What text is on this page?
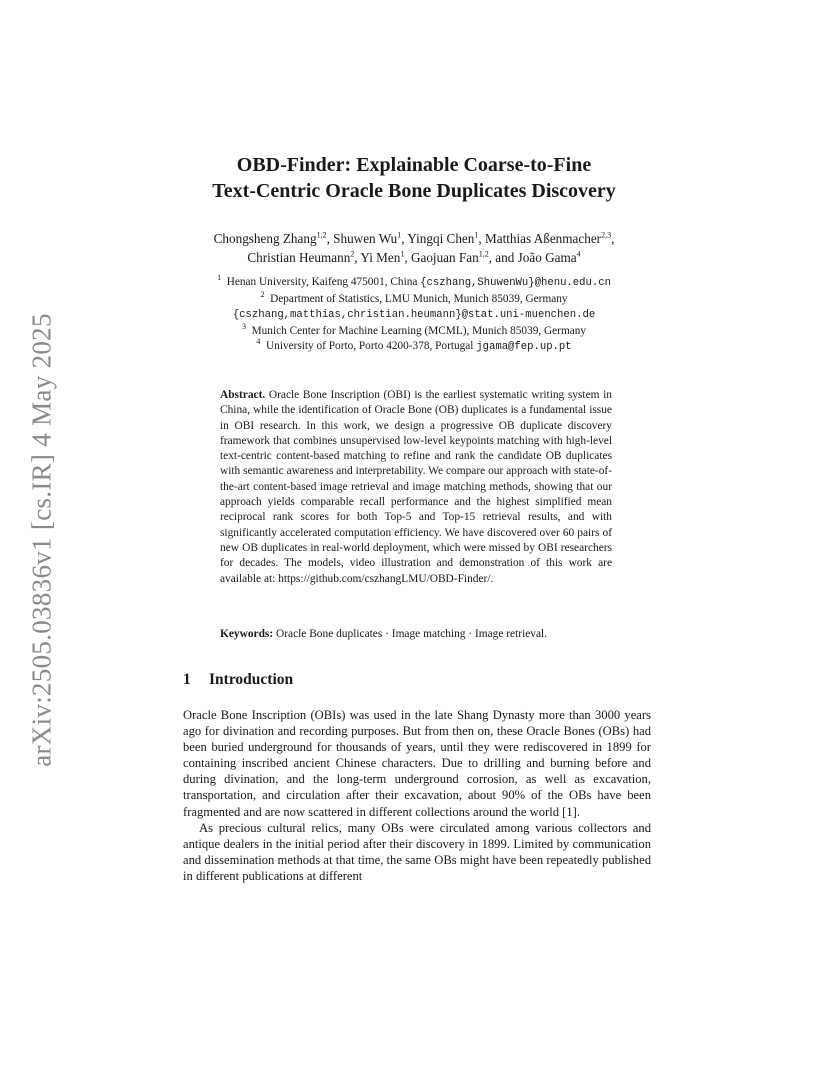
arXiv:2505.03836v1 [cs.IR] 4 May 2025
OBD-Finder: Explainable Coarse-to-Fine
Text-Centric Oracle Bone Duplicates Discovery
Chongsheng Zhang$^{1,2}$, Shuwen Wu$^1$, Yingqi Chen$^1$, Matthias Aßenmacher$^{2,3}$,
Christian Heumann$^2$, Yi Men$^1$, Gaojuan Fan$^{1,2}$, and João Gama$^4$
$^1$ Henan University, Kaifeng 475001, China {cszhang,ShuwenWu}@henu.edu.cn
$^2$ Department of Statistics, LMU Munich, Munich 85039, Germany
{cszhang,matthias,christian.heumann}@stat.uni-muenchen.de
$^3$ Munich Center for Machine Learning (MCML), Munich 85039, Germany
$^4$ University of Porto, Porto 4200-378, Portugal jgama@fep.up.pt
Abstract. Oracle Bone Inscription (OBI) is the earliest systematic writing system in China, while the identification of Oracle Bone (OB) duplicates is a fundamental issue in OBI research. In this work, we design a progressive OB duplicate discovery framework that combines unsupervised low-level keypoints matching with high-level text-centric content-based matching to refine and rank the candidate OB duplicates with semantic awareness and interpretability. We compare our approach with state-of-the-art content-based image retrieval and image matching methods, showing that our approach yields comparable recall performance and the highest simplified mean reciprocal rank scores for both Top-5 and Top-15 retrieval results, and with significantly accelerated computation efficiency. We have discovered over 60 pairs of new OB duplicates in real-world deployment, which were missed by OBI researchers for decades. The models, video illustration and demonstration of this work are available at: https://github.com/cszhangLMU/OBD-Finder/.
Keywords: Oracle Bone duplicates · Image matching · Image retrieval.
1 Introduction

Oracle Bone Inscription (OBIs) was used in the late Shang Dynasty more than 3000 years ago for divination and recording purposes. But from then on, these Oracle Bones (OBs) had been buried underground for thousands of years, until they were rediscovered in 1899 for containing inscribed ancient Chinese characters. Due to drilling and burning before and during divination, and the long-term underground corrosion, as well as excavation, transportation, and circulation after their excavation, about 90% of the OBs have been fragmented and are now scattered in different collections around the world [1].

As precious cultural relics, many OBs were circulated among various collectors and antique dealers in the initial period after their discovery in 1899. Limited by communication and dissemination methods at that time, the same OBs might have been repeatedly published in different publications at different
